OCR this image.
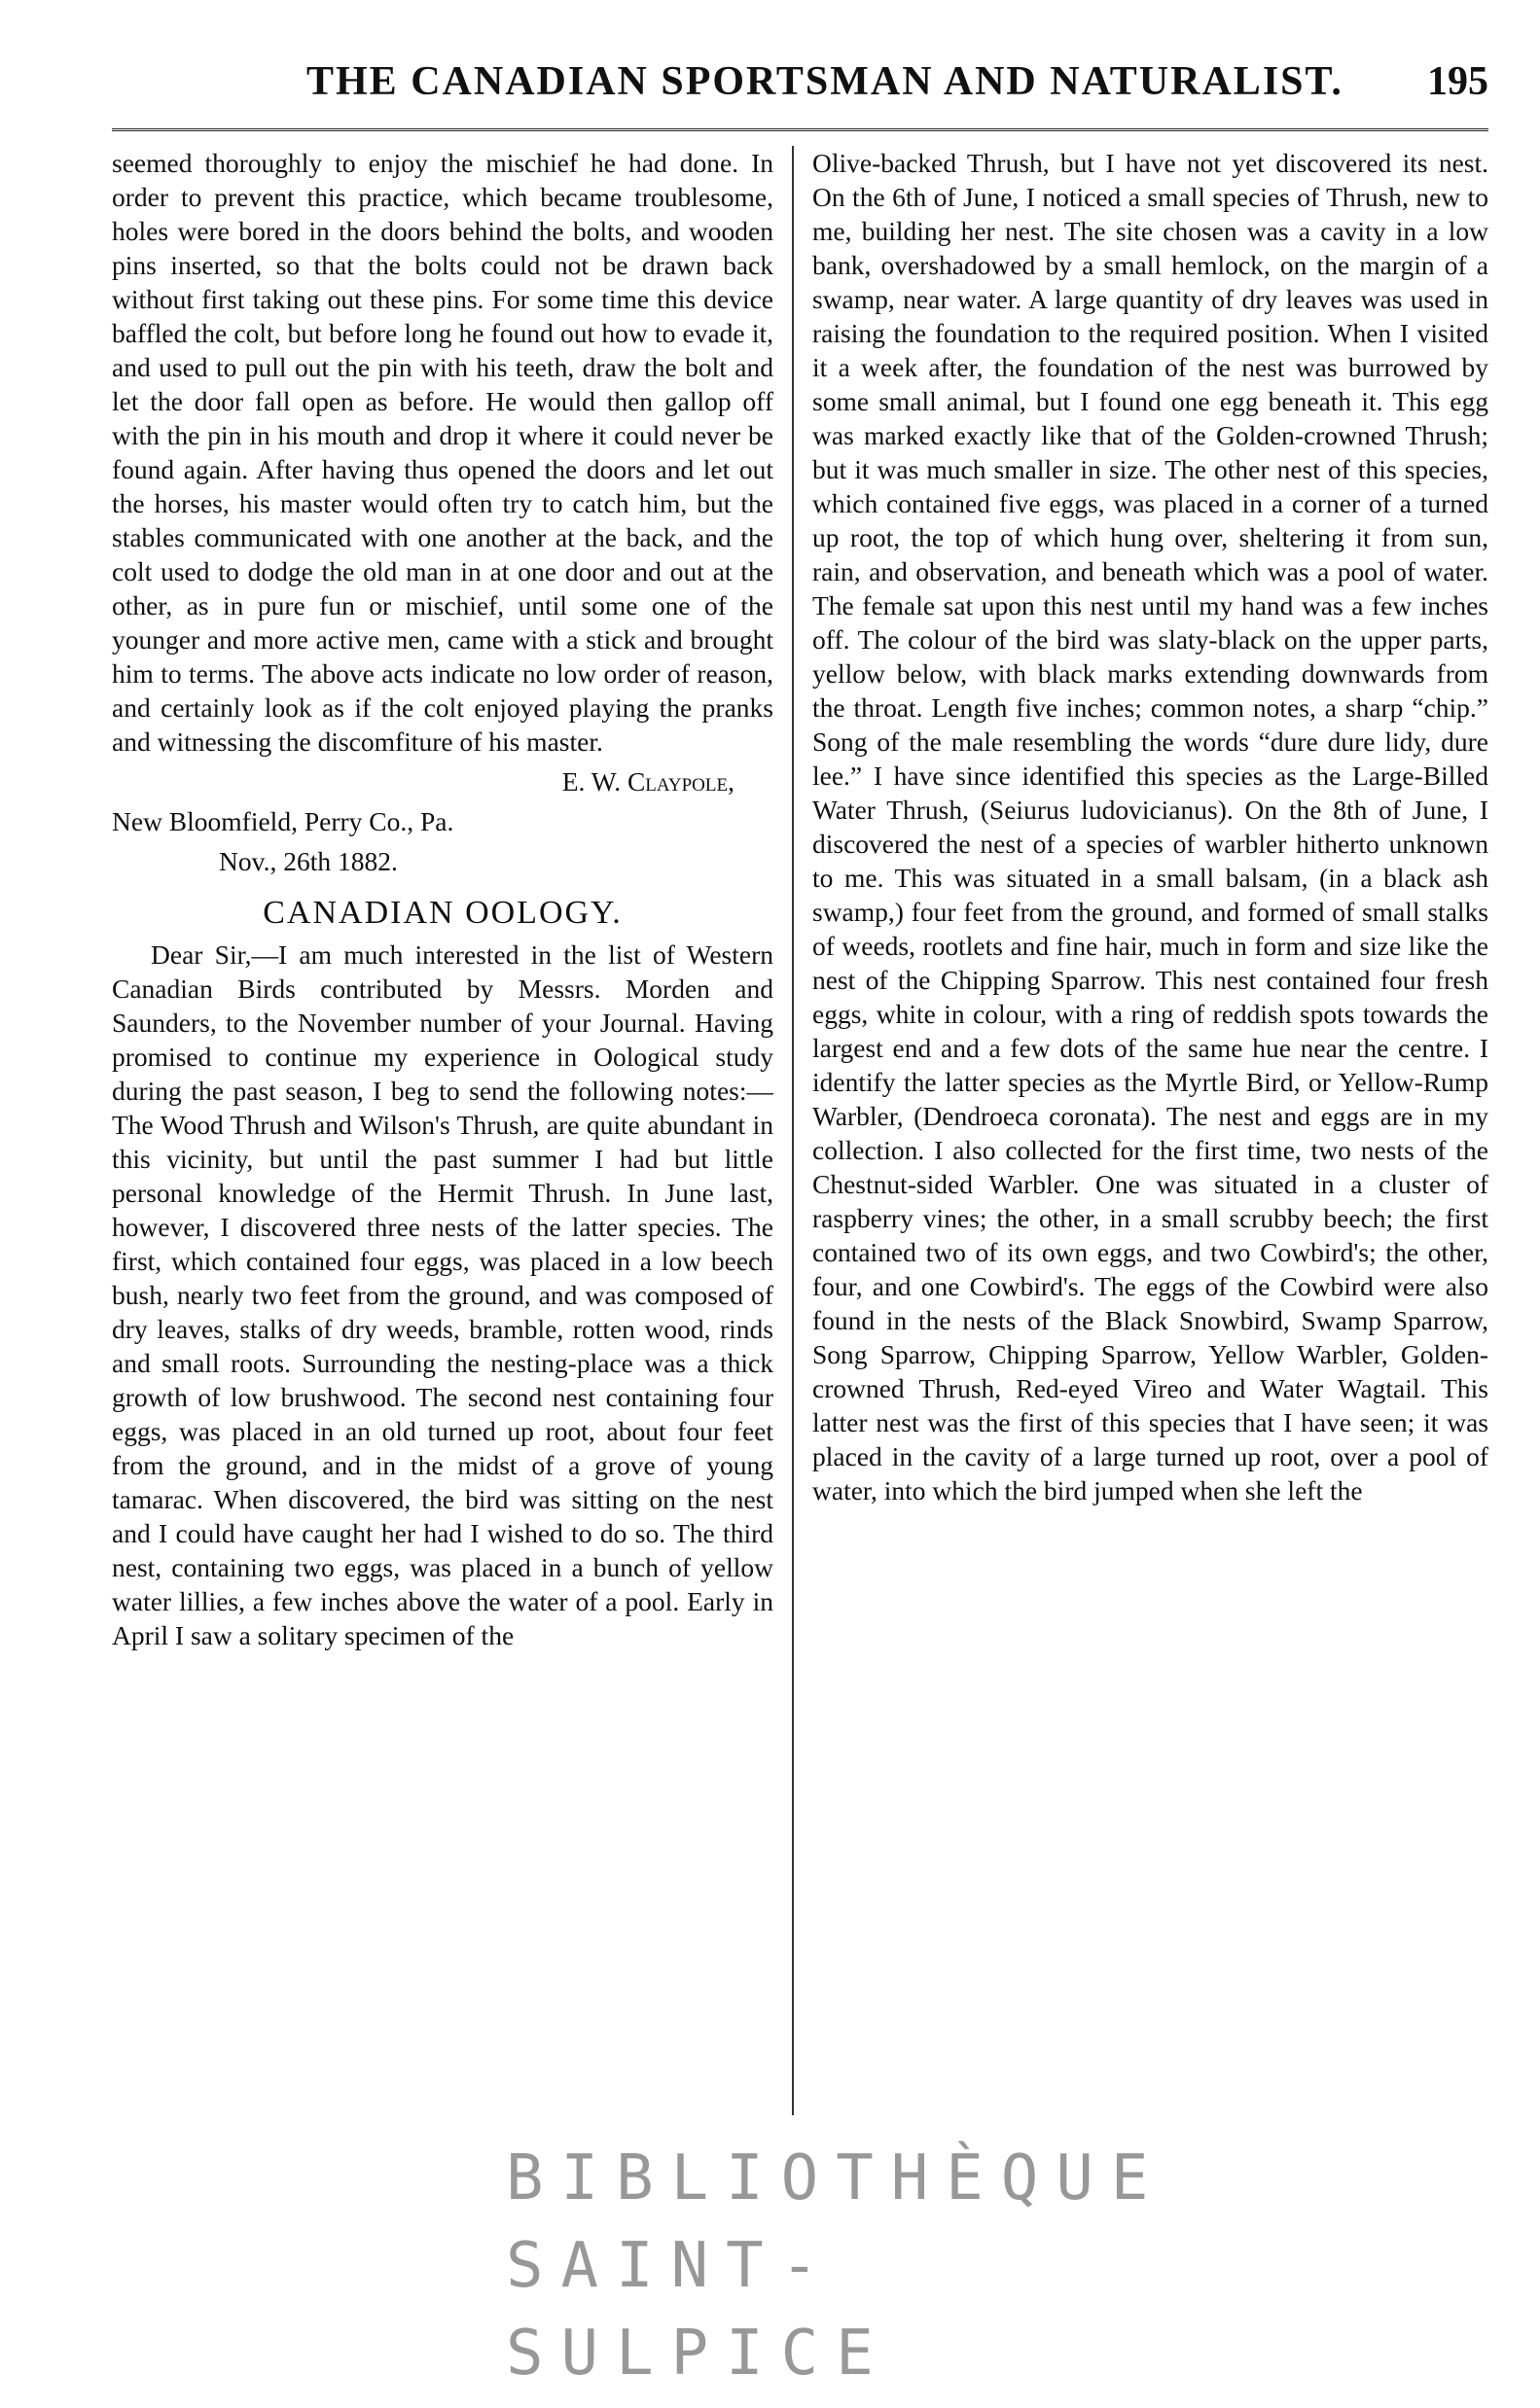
THE CANADIAN SPORTSMAN AND NATURALIST. 195

seemed thoroughly to enjoy the mischief he had done. In order to prevent this practice, which became troublesome, holes were bored in the doors behind the bolts, and wooden pins inserted, so that the bolts could not be drawn back without first taking out these pins. For some time this device baffled the colt, but before long he found out how to evade it, and used to pull out the pin with his teeth, draw the bolt and let the door fall open as before. He would then gallop off with the pin in his mouth and drop it where it could never be found again. After having thus opened the doors and let out the horses, his master would often try to catch him, but the stables communicated with one another at the back, and the colt used to dodge the old man in at one door and out at the other, as in pure fun or mischief, until some one of the younger and more active men, came with a stick and brought him to terms. The above acts indicate no low order of reason, and certainly look as if the colt enjoyed playing the pranks and witnessing the discomfiture of his master.

E. W. Claypole,

New Bloomfield, Perry Co., Pa.

Nov., 26th 1882.

CANADIAN OOLOGY.

Dear Sir,—I am much interested in the list of Western Canadian Birds contributed by Messrs. Morden and Saunders, to the November number of your Journal. Having promised to continue my experience in Oological study during the past season, I beg to send the following notes:—The Wood Thrush and Wilson's Thrush, are quite abundant in this vicinity, but until the past summer I had but little personal knowledge of the Hermit Thrush. In June last, however, I discovered three nests of the latter species. The first, which contained four eggs, was placed in a low beech bush, nearly two feet from the ground, and was composed of dry leaves, stalks of dry weeds, bramble, rotten wood, rinds and small roots. Surrounding the nesting-place was a thick growth of low brushwood. The second nest containing four eggs, was placed in an old turned up root, about four feet from the ground, and in the midst of a grove of young tamarac. When discovered, the bird was sitting on the nest and I could have caught her had I wished to do so. The third nest, containing two eggs, was placed in a bunch of yellow water lillies, a few inches above the water of a pool. Early in April I saw a solitary specimen of the

Olive-backed Thrush, but I have not yet discovered its nest. On the 6th of June, I noticed a small species of Thrush, new to me, building her nest. The site chosen was a cavity in a low bank, overshadowed by a small hemlock, on the margin of a swamp, near water. A large quantity of dry leaves was used in raising the foundation to the required position. When I visited it a week after, the foundation of the nest was burrowed by some small animal, but I found one egg beneath it. This egg was marked exactly like that of the Golden-crowned Thrush; but it was much smaller in size. The other nest of this species, which contained five eggs, was placed in a corner of a turned up root, the top of which hung over, sheltering it from sun, rain, and observation, and beneath which was a pool of water. The female sat upon this nest until my hand was a few inches off. The colour of the bird was slaty-black on the upper parts, yellow below, with black marks extending downwards from the throat. Length five inches; common notes, a sharp “chip.” Song of the male resembling the words “dure dure lidy, dure lee.” I have since identified this species as the Large-Billed Water Thrush, (Seiurus ludovicianus). On the 8th of June, I discovered the nest of a species of warbler hitherto unknown to me. This was situated in a small balsam, (in a black ash swamp,) four feet from the ground, and formed of small stalks of weeds, rootlets and fine hair, much in form and size like the nest of the Chipping Sparrow. This nest contained four fresh eggs, white in colour, with a ring of reddish spots towards the largest end and a few dots of the same hue near the centre. I identify the latter species as the Myrtle Bird, or Yellow-Rump Warbler, (Dendroeca coronata). The nest and eggs are in my collection. I also collected for the first time, two nests of the Chestnut-sided Warbler. One was situated in a cluster of raspberry vines; the other, in a small scrubby beech; the first contained two of its own eggs, and two Cowbird's; the other, four, and one Cowbird's. The eggs of the Cowbird were also found in the nests of the Black Snowbird, Swamp Sparrow, Song Sparrow, Chipping Sparrow, Yellow Warbler, Golden-crowned Thrush, Red-eyed Vireo and Water Wagtail. This latter nest was the first of this species that I have seen; it was placed in the cavity of a large turned up root, over a pool of water, into which the bird jumped when she left the

BIBLIOTHÈQUE
SAINT-SULPICE
